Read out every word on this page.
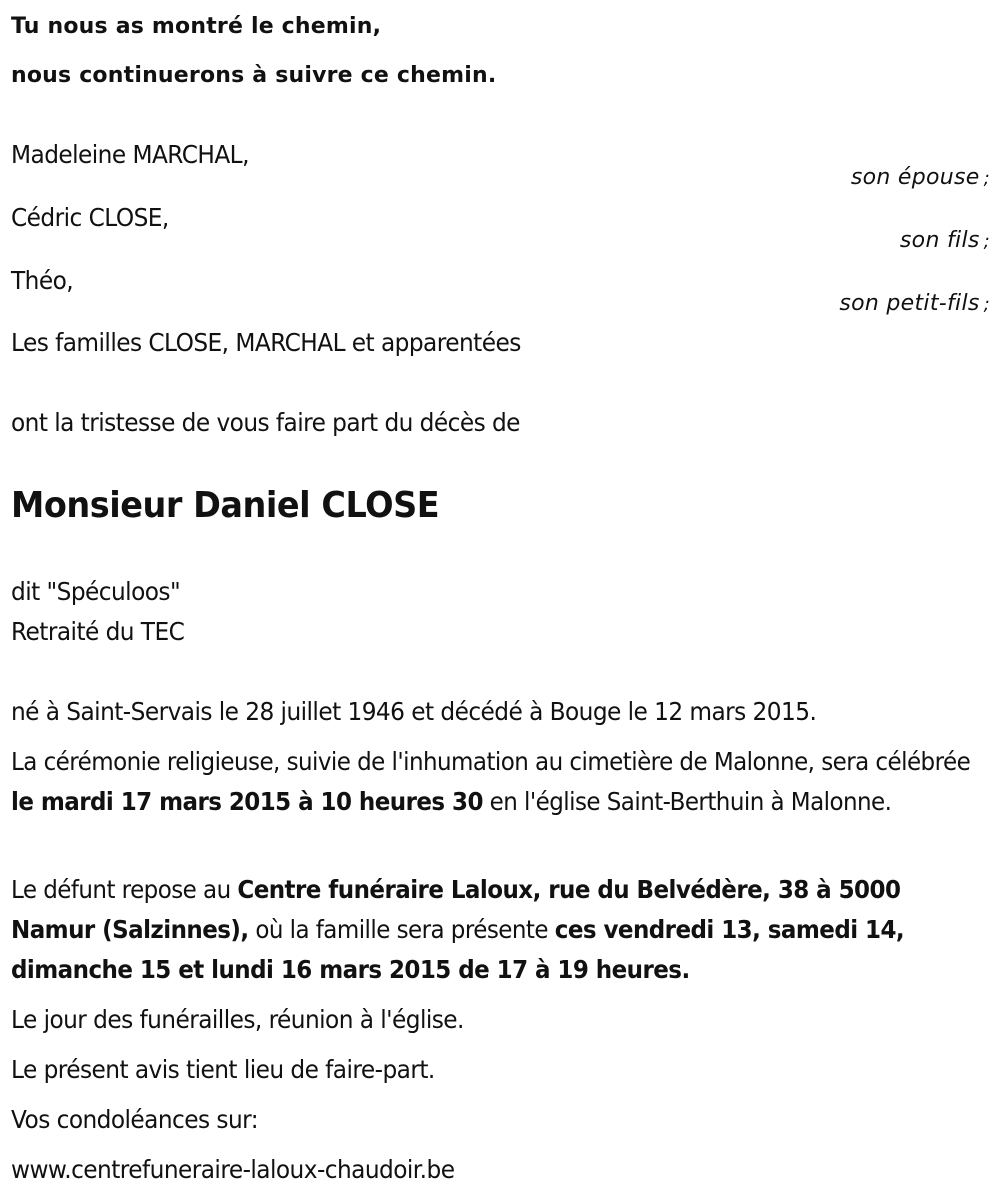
Tu nous as montré le chemin,
nous continuerons à suivre ce chemin.
Madeleine MARCHAL,
son épouse ;
Cédric CLOSE,
son fils ;
Théo,
son petit-fils ;
Les familles CLOSE, MARCHAL et apparentées
ont la tristesse de vous faire part du décès de
Monsieur Daniel CLOSE
dit "Spéculoos"
Retraité du TEC
né à Saint-Servais le 28 juillet 1946 et décédé à Bouge le 12 mars 2015.
La cérémonie religieuse, suivie de l'inhumation au cimetière de Malonne, sera célébrée le mardi 17 mars 2015 à 10 heures 30 en l'église Saint-Berthuin à Malonne.
Le défunt repose au Centre funéraire Laloux, rue du Belvédère, 38 à 5000 Namur (Salzinnes), où la famille sera présente ces vendredi 13, samedi 14, dimanche 15 et lundi 16 mars 2015 de 17 à 19 heures.
Le jour des funérailles, réunion à l'église.
Le présent avis tient lieu de faire-part.
Vos condoléances sur:
www.centrefuneraire-laloux-chaudoir.be
